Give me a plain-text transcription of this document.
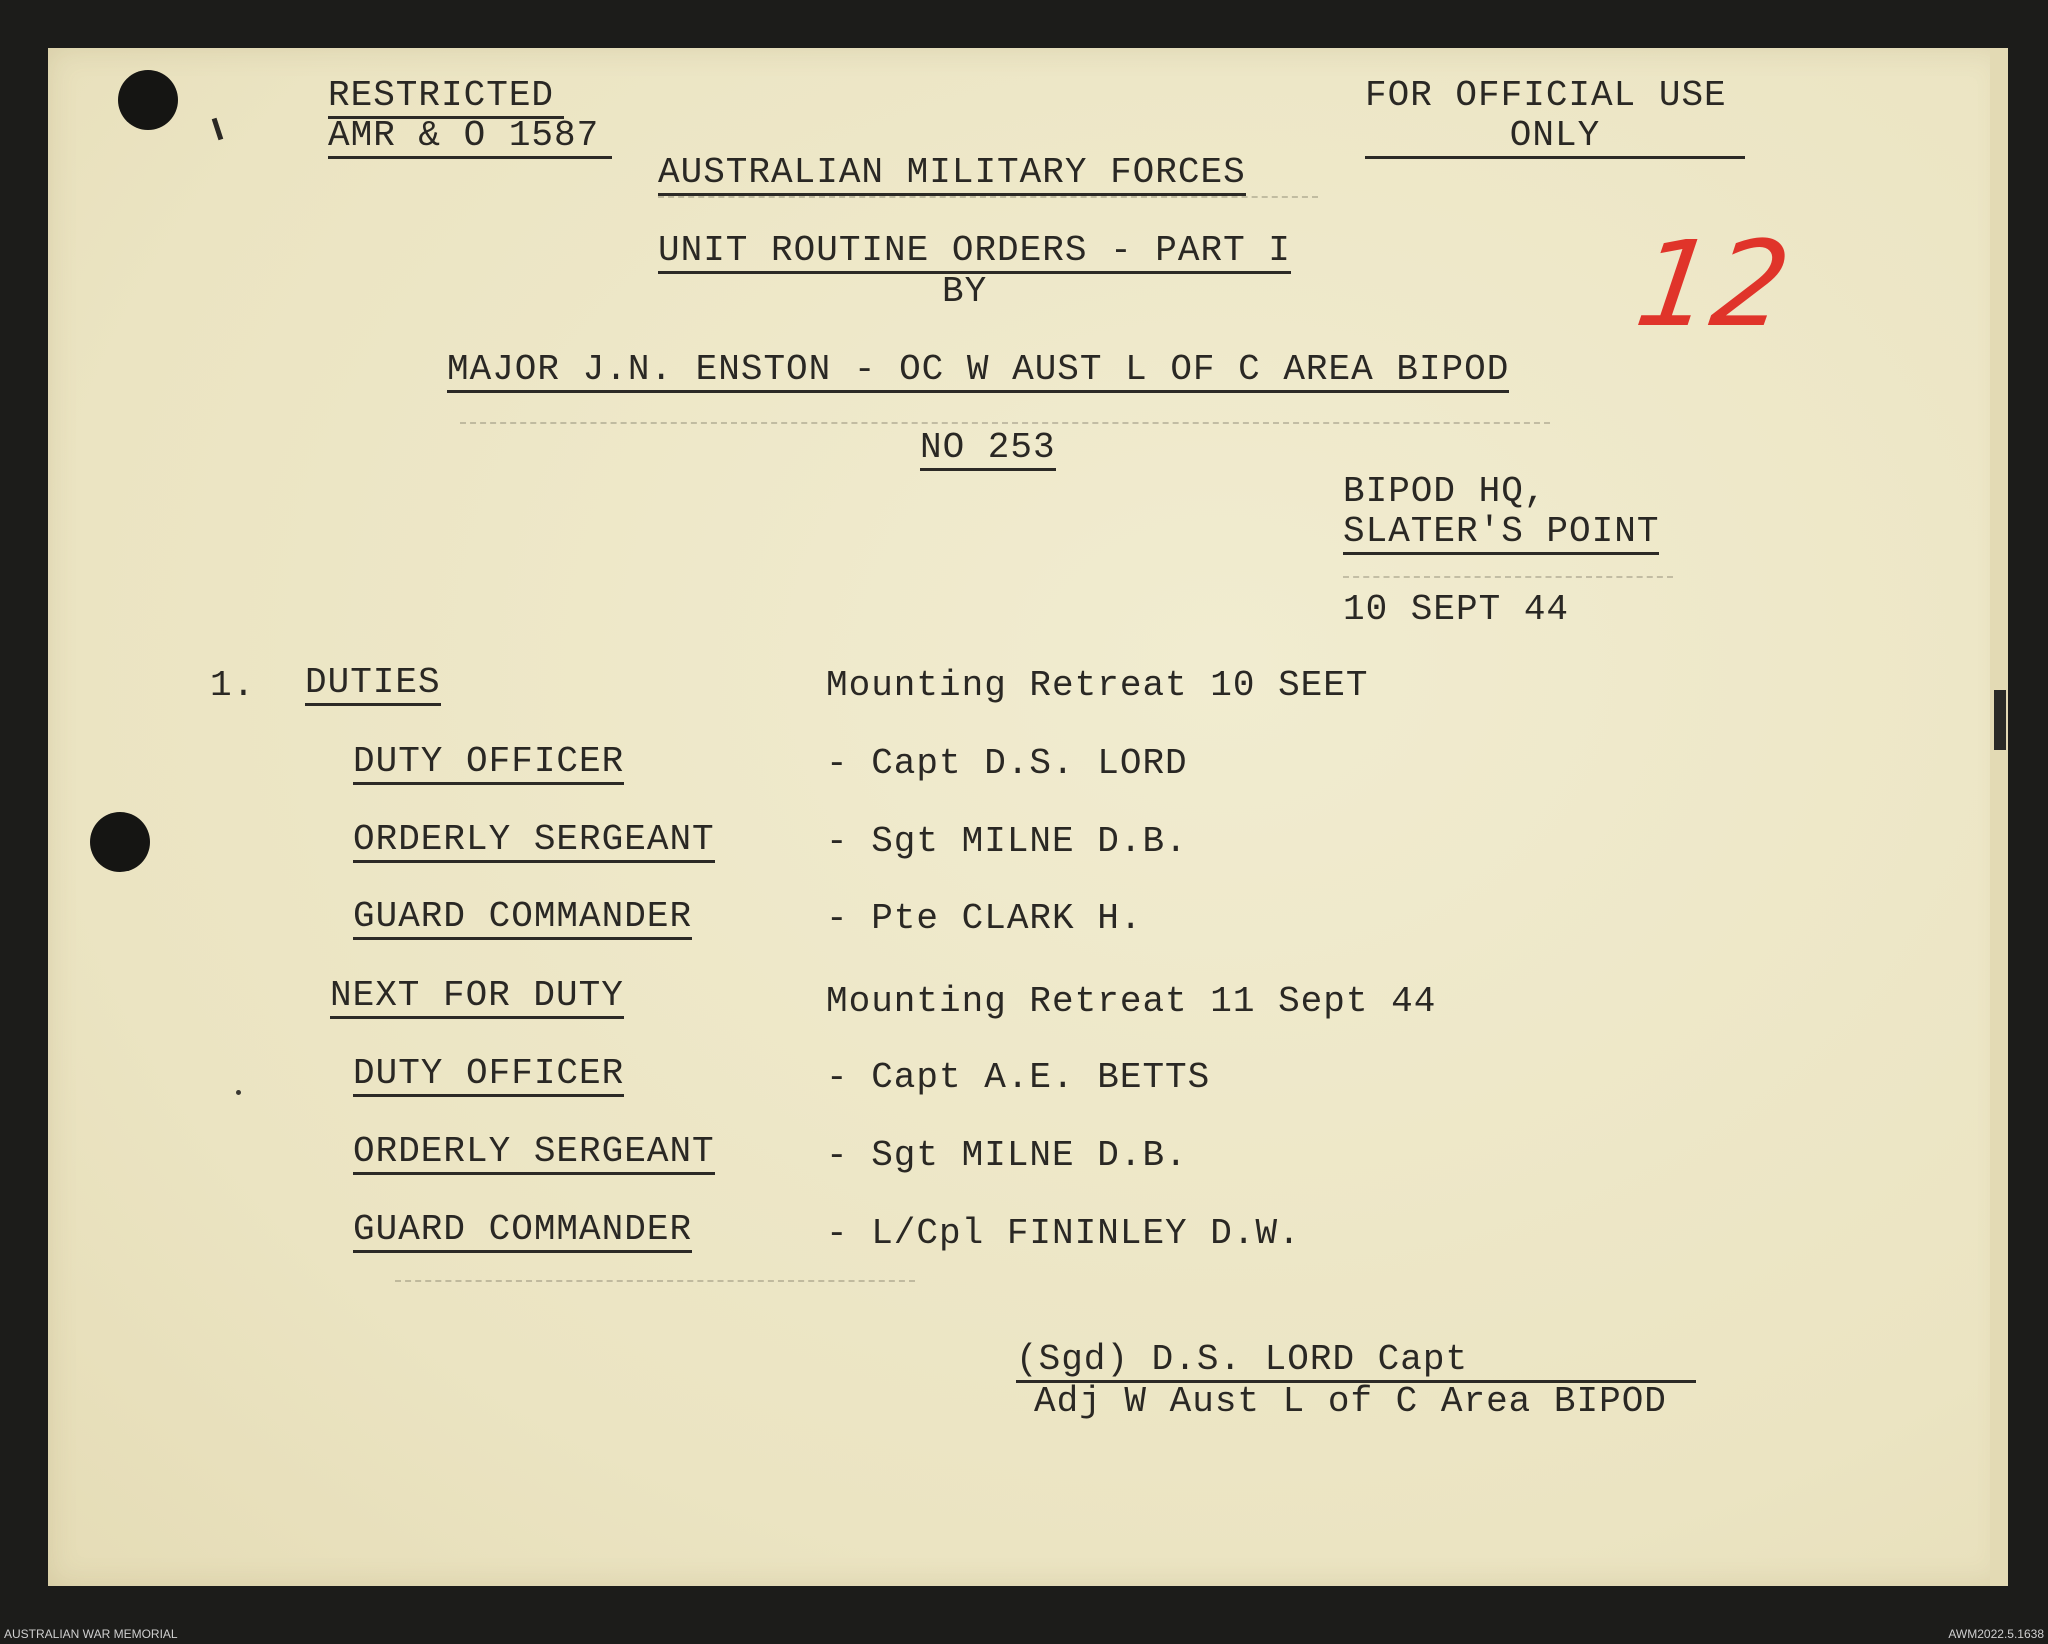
RESTRICTED
AMR & O 1587
FOR OFFICIAL USE
ONLY
AUSTRALIAN MILITARY FORCES
UNIT ROUTINE ORDERS - PART I
BY
MAJOR J.N. ENSTON - OC W AUST L OF C AREA BIPOD
NO 253
12
BIPOD HQ,
SLATER'S POINT
10 SEPT 44
1. DUTIES	Mounting Retreat 10 SEET
DUTY OFFICER	- Capt D.S. LORD
ORDERLY SERGEANT	- Sgt MILNE D.B.
GUARD COMMANDER	- Pte CLARK H.
NEXT FOR DUTY	Mounting Retreat 11 Sept 44
DUTY OFFICER	- Capt A.E. BETTS
ORDERLY SERGEANT	- Sgt MILNE D.B.
GUARD COMMANDER	- L/Cpl FININLEY D.W.
(Sgd) D.S. LORD Capt
Adj W Aust L of C Area BIPOD
AUSTRALIAN WAR MEMORIAL	AWM2022.5.1638
